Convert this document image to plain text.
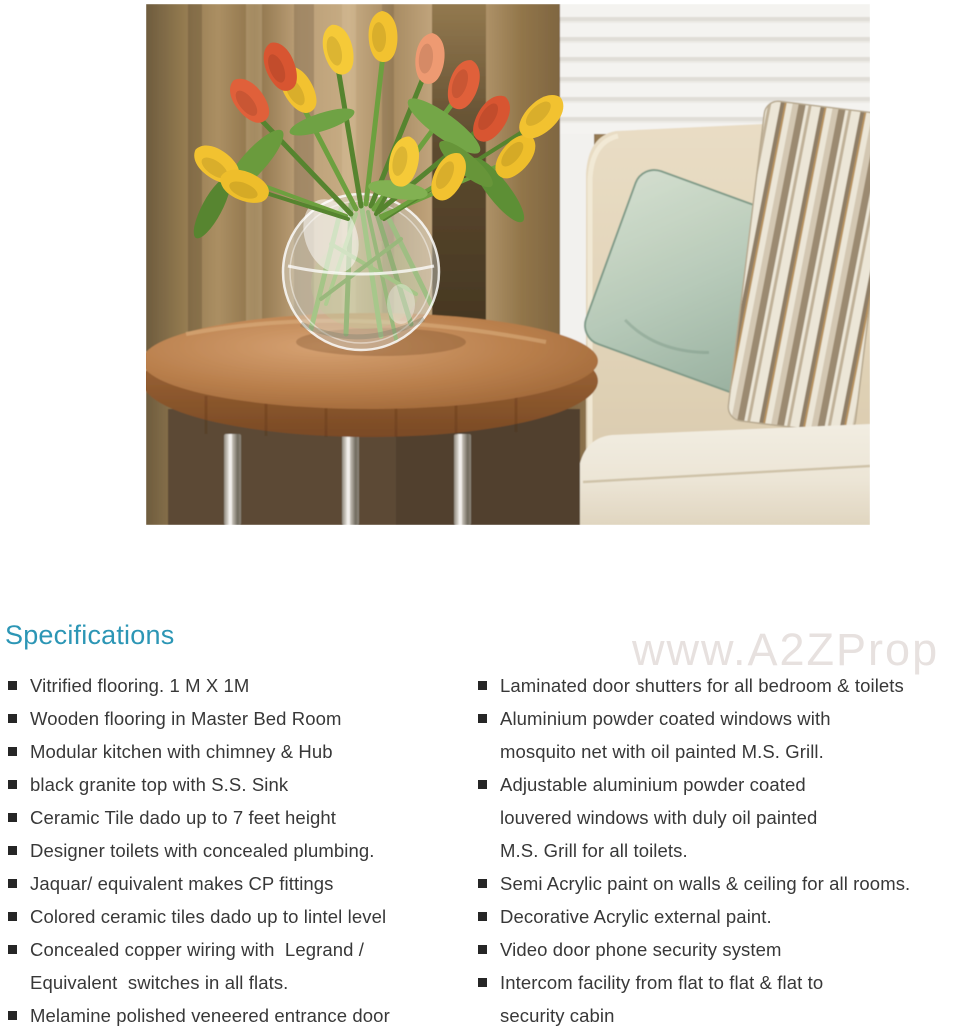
www.A2ZProp
Specifications
Vitrified flooring. 1 M X 1M
Wooden flooring in Master Bed Room
Modular kitchen with chimney & Hub
black granite top with S.S. Sink
Ceramic Tile dado up to 7 feet height
Designer toilets with concealed plumbing.
Jaquar/ equivalent makes CP fittings
Colored ceramic tiles dado up to lintel level
Concealed copper wiring with  Legrand /
Equivalent  switches in all flats.
Melamine polished veneered entrance door
Laminated door shutters for all bedroom & toilets
Aluminium powder coated windows with
mosquito net with oil painted M.S. Grill.
Adjustable aluminium powder coated
louvered windows with duly oil painted
M.S. Grill for all toilets.
Semi Acrylic paint on walls & ceiling for all rooms.
Decorative Acrylic external paint.
Video door phone security system
Intercom facility from flat to flat & flat to
security cabin
